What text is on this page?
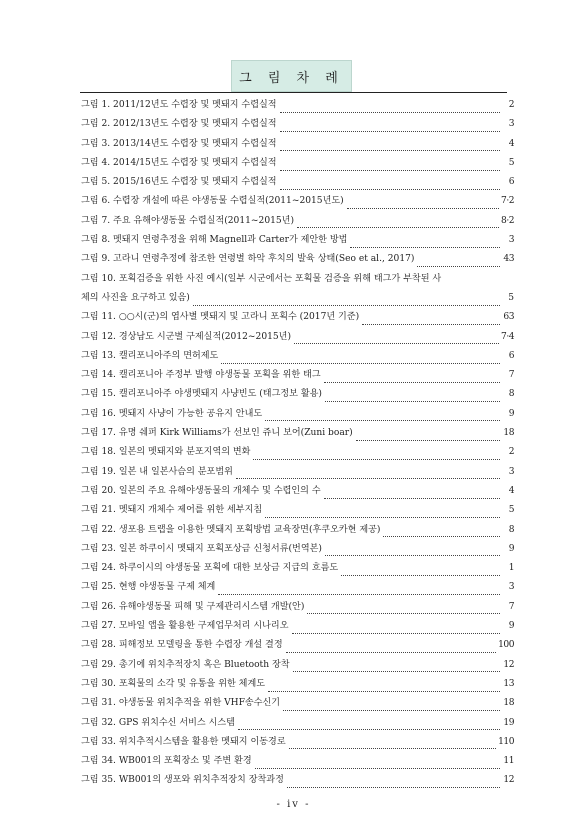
그 림 차 례
그림 1. 2011/12년도 수렵장 및 멧돼지 수렵실적	2
그림 2. 2012/13년도 수렵장 및 멧돼지 수렵실적	3
그림 3. 2013/14년도 수렵장 및 멧돼지 수렵실적	4
그림 4. 2014/15년도 수렵장 및 멧돼지 수렵실적	5
그림 5. 2015/16년도 수렵장 및 멧돼지 수렵실적	6
그림 6. 수렵장 개설에 따른 야생동물 수렵실적(2011~2015년도)	7·2
그림 7. 주요 유해야생동물 수렵실적(2011~2015년)	8·2
그림 8. 멧돼지 연령추정을 위해 Magnell과 Carter가 제안한 방법	3
그림 9. 고라니 연령추정에 참조한 연령별 하악 후치의 발육 상태(Seo et al., 2017)	43
그림 10. 포획검증을 위한 사진 예시(일부 시군에서는 포획물 검증을 위해 태그가 부착된 사
체의 사진을 요구하고 있음)	5
그림 11. ○○시(군)의 엽사별 멧돼지 및 고라니 포획수 (2017년 기준)	63
그림 12. 경상남도 시군별 구제실적(2012~2015년)	7·4
그림 13. 캘리포니아주의 면허제도	6
그림 14. 캘리포니아 주정부 발행 야생동물 포획을 위한 태그	7
그림 15. 캘리포니아주 야생멧돼지 사냥빈도 (태그정보 활용)	8
그림 16. 멧돼지 사냥이 가능한 공유지 안내도	9
그림 17. 유명 쉐퍼 Kirk Williams가 선보인 쥬니 보어(Zuni boar)	18
그림 18. 일본의 멧돼지와 분포지역의 변화	2
그림 19. 일본 내 일본사슴의 분포범위	3
그림 20. 일본의 주요 유해야생동물의 개체수 및 수렵인의 수	4
그림 21. 멧돼지 개체수 제어를 위한 세부지침	5
그림 22. 생포용 트랩을 이용한 멧돼지 포획방법 교육장면(후쿠오카현 제공)	8
그림 23. 일본 하쿠이시 멧돼지 포획포상금 신청서류(번역본)	9
그림 24. 하쿠이시의 야생동물 포획에 대한 보상금 지급의 흐름도	1
그림 25. 현행 야생동물 구제 체계	3
그림 26. 유해야생동물 피해 및 구제관리시스템 개발(안)	7
그림 27. 모바일 앱을 활용한 구제업무처리 시나리오	9
그림 28. 피해정보 모델링을 통한 수렵장 개설 결정	100
그림 29. 총기에 위치추적장치 혹은 Bluetooth 장착	12
그림 30. 포획물의 소각 및 유통을 위한 체계도	13
그림 31. 야생동물 위치추적을 위한 VHF송수신기	18
그림 32. GPS 위치수신 서비스 시스템	19
그림 33. 위치추적시스템을 활용한 멧돼지 이동경로	110
그림 34. WB001의 포획장소 및 주변 환경	11
그림 35. WB001의 생포와 위치추적장치 장착과정	12
- iv -
